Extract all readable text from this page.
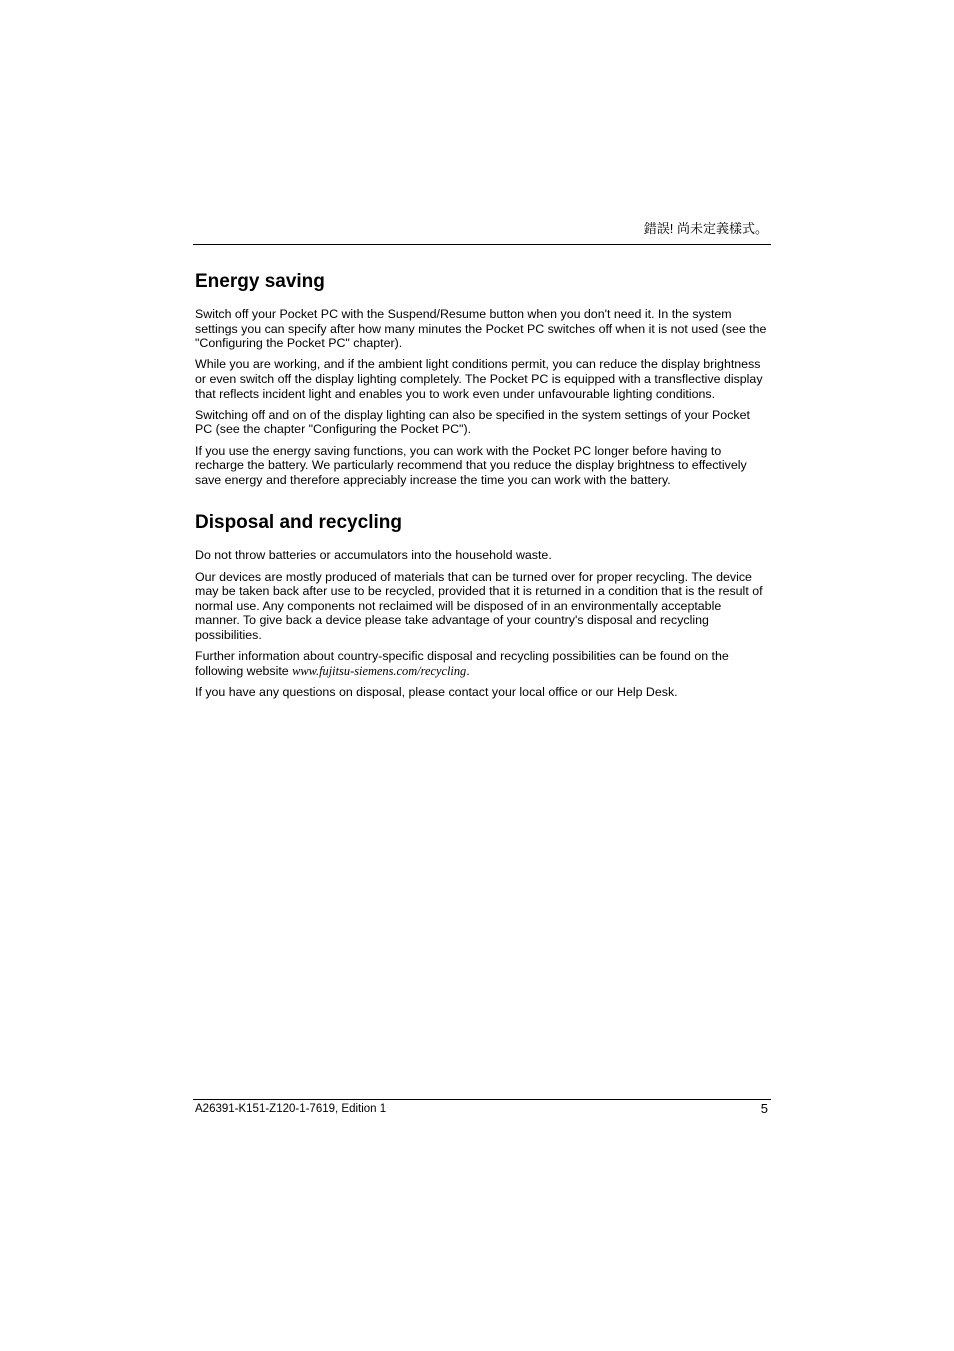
錯誤! 尚未定義樣式。
Energy saving

Switch off your Pocket PC with the Suspend/Resume button when you don't need it. In the system settings you can specify after how many minutes the Pocket PC switches off when it is not used (see the "Configuring the Pocket PC" chapter).

While you are working, and if the ambient light conditions permit, you can reduce the display brightness or even switch off the display lighting completely. The Pocket PC is equipped with a transflective display that reflects incident light and enables you to work even under unfavourable lighting conditions.

Switching off and on of the display lighting can also be specified in the system settings of your Pocket PC (see the chapter "Configuring the Pocket PC").

If you use the energy saving functions, you can work with the Pocket PC longer before having to recharge the battery. We particularly recommend that you reduce the display brightness to effectively save energy and therefore appreciably increase the time you can work with the battery.

Disposal and recycling

Do not throw batteries or accumulators into the household waste.

Our devices are mostly produced of materials that can be turned over for proper recycling. The device may be taken back after use to be recycled, provided that it is returned in a condition that is the result of normal use. Any components not reclaimed will be disposed of in an environmentally acceptable manner. To give back a device please take advantage of your country's disposal and recycling possibilities.

Further information about country-specific disposal and recycling possibilities can be found on the following website www.fujitsu-siemens.com/recycling.

If you have any questions on disposal, please contact your local office or our Help Desk.

A26391-K151-Z120-1-7619, Edition 1	5
